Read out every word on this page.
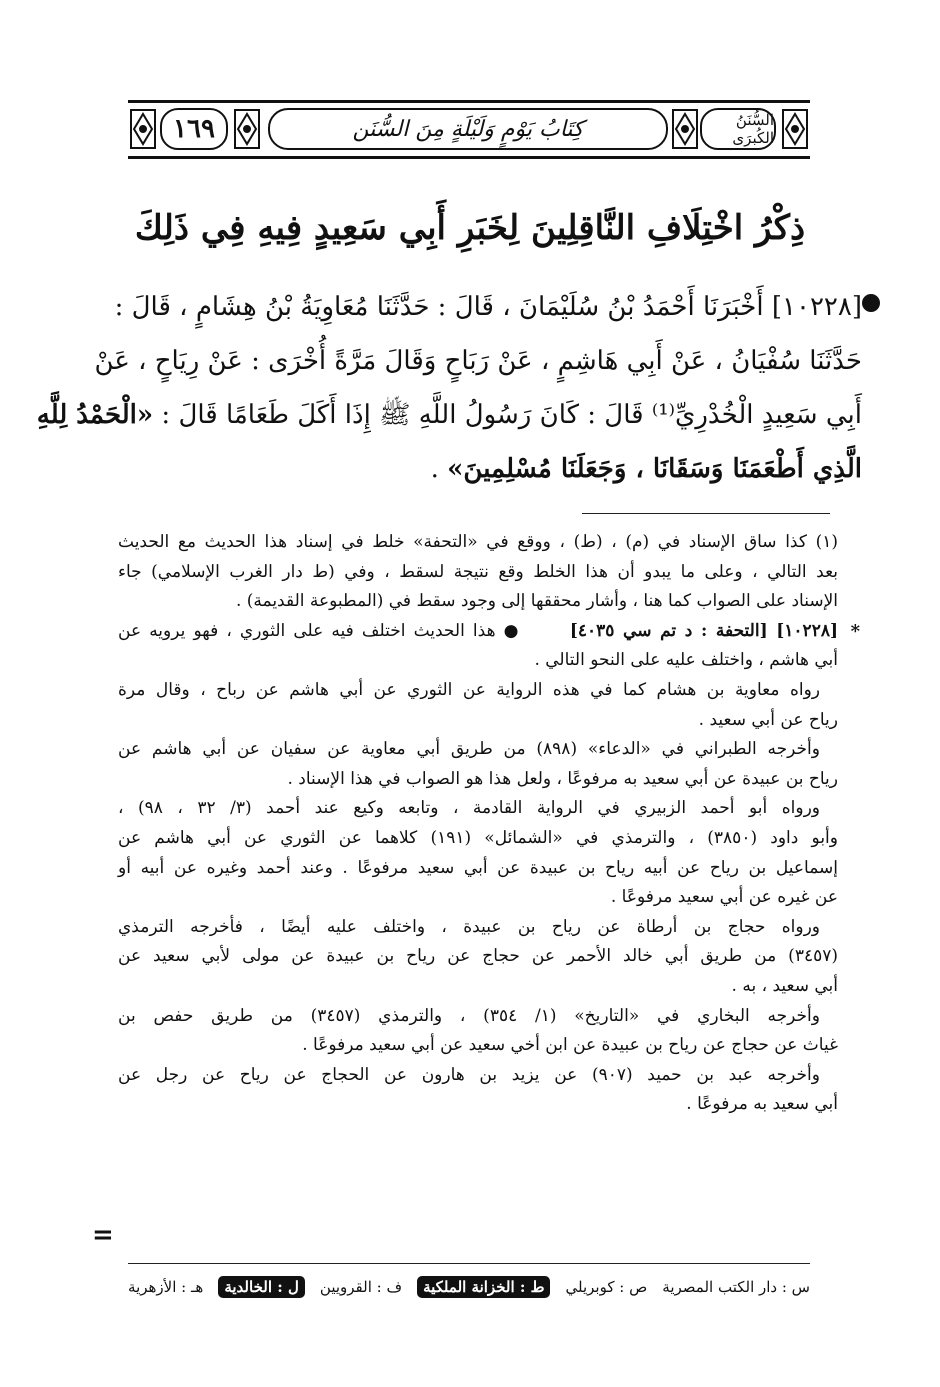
١٦٩	كِتَابُ يَوْمٍ وَلَيْلَةٍ مِنَ السُّنَن	السُّنَنُ الكُبرَى
ذِكْرُ اخْتِلَافِ النَّاقِلِينَ لِخَبَرِ أَبِي سَعِيدٍ فِيهِ فِي ذَلِكَ
[١٠٢٢٨] أَخْبَرَنَا أَحْمَدُ بْنُ سُلَيْمَانَ ، قَالَ : حَدَّثَنَا مُعَاوِيَةُ بْنُ هِشَامٍ ، قَالَ :
حَدَّثَنَا سُفْيَانُ ، عَنْ أَبِي هَاشِمٍ ، عَنْ رَبَاحٍ وَقَالَ مَرَّةً أُخْرَى : عَنْ رِيَاحٍ ، عَنْ
أَبِي سَعِيدٍ الْخُدْرِيِّ⁽¹⁾ قَالَ : كَانَ رَسُولُ اللَّهِ ﷺ إِذَا أَكَلَ طَعَامًا قَالَ : «الْحَمْدُ لِلَّهِ
الَّذِي أَطْعَمَنَا وَسَقَانَا ، وَجَعَلَنَا مُسْلِمِينَ» .
(١) كذا ساق الإسناد في (م) ، (ط) ، ووقع في «التحفة» خلط في إسناد هذا الحديث مع الحديث
بعد التالي ، وعلى ما يبدو أن هذا الخلط وقع نتيجة لسقط ، وفي (ط دار الغرب الإسلامي) جاء
الإسناد على الصواب كما هنا ، وأشار محققها إلى وجود سقط في (المطبوعة القديمة) .
*
[١٠٢٢٨] [التحفة : د تم سي ٤٠٣٥]      ● هذا الحديث اختلف فيه على الثوري ، فهو يرويه عن
أبي هاشم ، واختلف عليه على النحو التالي .
رواه معاوية بن هشام كما في هذه الرواية عن الثوري عن أبي هاشم عن رباح ، وقال مرة
رياح عن أبي سعيد .
وأخرجه الطبراني في «الدعاء» (٨٩٨) من طريق أبي معاوية عن سفيان عن أبي هاشم عن
رياح بن عبيدة عن أبي سعيد به مرفوعًا ، ولعل هذا هو الصواب في هذا الإسناد .
ورواه أبو أحمد الزبيري في الرواية القادمة ، وتابعه وكيع عند أحمد (٣/ ٣٢ ، ٩٨) ،
وأبو داود (٣٨٥٠) ، والترمذي في «الشمائل» (١٩١) كلاهما عن الثوري عن أبي هاشم عن
إسماعيل بن رياح عن أبيه رياح بن عبيدة عن أبي سعيد مرفوعًا . وعند أحمد وغيره عن أبيه أو
عن غيره عن أبي سعيد مرفوعًا .
ورواه حجاج بن أرطاة عن رياح بن عبيدة ، واختلف عليه أيضًا ، فأخرجه الترمذي
(٣٤٥٧) من طريق أبي خالد الأحمر عن حجاج عن رياح بن عبيدة عن مولى لأبي سعيد عن
أبي سعيد ، به .
وأخرجه البخاري في «التاريخ» (١/ ٣٥٤) ، والترمذي (٣٤٥٧) من طريق حفص بن
غياث عن حجاج عن رياح بن عبيدة عن ابن أخي سعيد عن أبي سعيد مرفوعًا .
وأخرجه عبد بن حميد (٩٠٧) عن يزيد بن هارون عن الحجاج عن رياح عن رجل عن
أبي سعيد به مرفوعًا .
=
س : دار الكتب المصرية
ص : كوبريلي
ط : الخزانة الملكية
ف : القرويين
ل : الخالدية
هـ : الأزهرية
